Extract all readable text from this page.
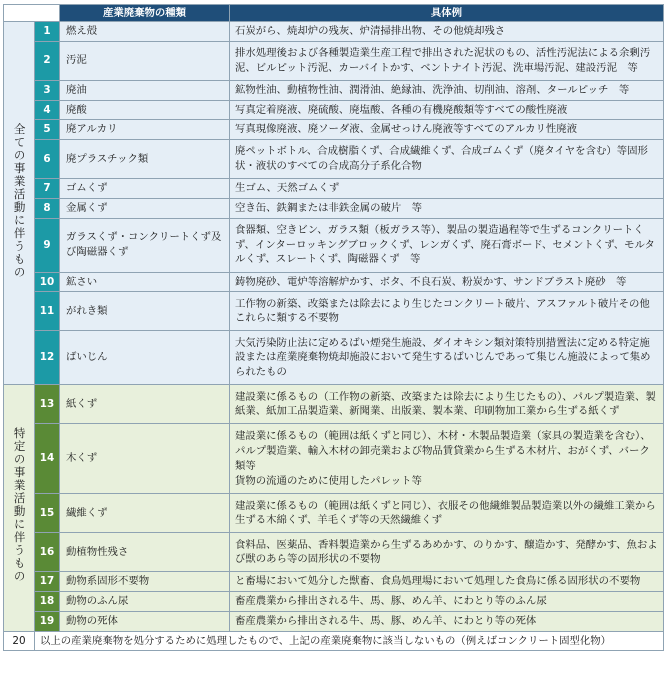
		産業廃棄物の種類	具体例
全ての事業活動に伴うもの	1	燃え殻	石炭がら、焼却炉の残灰、炉清掃排出物、その他焼却残さ
	2	汚泥	排水処理後および各種製造業生産工程で排出された泥状のもの、活性汚泥法による余剰汚泥、ビルピット汚泥、カーバイトかす、ベントナイト汚泥、洗車場汚泥、建設汚泥　等
	3	廃油	鉱物性油、動植物性油、潤滑油、絶縁油、洗浄油、切削油、溶剤、タールピッチ　等
	4	廃酸	写真定着廃液、廃硫酸、廃塩酸、各種の有機廃酸類等すべての酸性廃液
	5	廃アルカリ	写真現像廃液、廃ソーダ液、金属せっけん廃液等すべてのアルカリ性廃液
	6	廃プラスチック類	廃ペットボトル、合成樹脂くず、合成繊維くず、合成ゴムくず（廃タイヤを含む）等固形状・液状のすべての合成高分子系化合物
	7	ゴムくず	生ゴム、天然ゴムくず
	8	金属くず	空き缶、鉄鋼または非鉄金属の破片　等
	9	ガラスくず・コンクリートくず及び陶磁器くず	食器類、空きビン、ガラス類（板ガラス等）、製品の製造過程等で生ずるコンクリートくず、インターロッキングブロックくず、レンガくず、廃石膏ボード、セメントくず、モルタルくず、スレートくず、陶磁器くず　等
	10	鉱さい	鋳物廃砂、電炉等溶解炉かす、ボタ、不良石炭、粉炭かす、サンドブラスト廃砂　等
	11	がれき類	工作物の新築、改築または除去により生じたコンクリート破片、アスファルト破片その他これらに類する不要物
	12	ばいじん	大気汚染防止法に定めるばい煙発生施設、ダイオキシン類対策特別措置法に定める特定施設または産業廃棄物焼却施設において発生するばいじんであって集じん施設によって集められたもの
特定の事業活動に伴うもの	13	紙くず	建設業に係るもの（工作物の新築、改築または除去により生じたもの）、パルプ製造業、製紙業、紙加工品製造業、新聞業、出版業、製本業、印刷物加工業から生ずる紙くず
	14	木くず	建設業に係るもの（範囲は紙くずと同じ）、木材・木製品製造業（家具の製造業を含む）、パルプ製造業、輸入木材の卸売業および物品賃貸業から生ずる木材片、おがくず、バーク類等
貨物の流通のために使用したパレット等

	15	繊維くず	建設業に係るもの（範囲は紙くずと同じ）、衣服その他繊維製品製造業以外の繊維工業から生ずる木綿くず、羊毛くず等の天然繊維くず
	16	動植物性残さ	食料品、医薬品、香料製造業から生ずるあめかす、のりかす、醸造かす、発酵かす、魚および獣のあら等の固形状の不要物
	17	動物系固形不要物	と畜場において処分した獣畜、食鳥処理場において処理した食鳥に係る固形状の不要物
	18	動物のふん尿	畜産農業から排出される牛、馬、豚、めん羊、にわとり等のふん尿
	19	動物の死体	畜産農業から排出される牛、馬、豚、めん羊、にわとり等の死体
20	以上の産業廃棄物を処分するために処理したもので、上記の産業廃棄物に該当しないもの（例えばコンクリート固型化物）		
